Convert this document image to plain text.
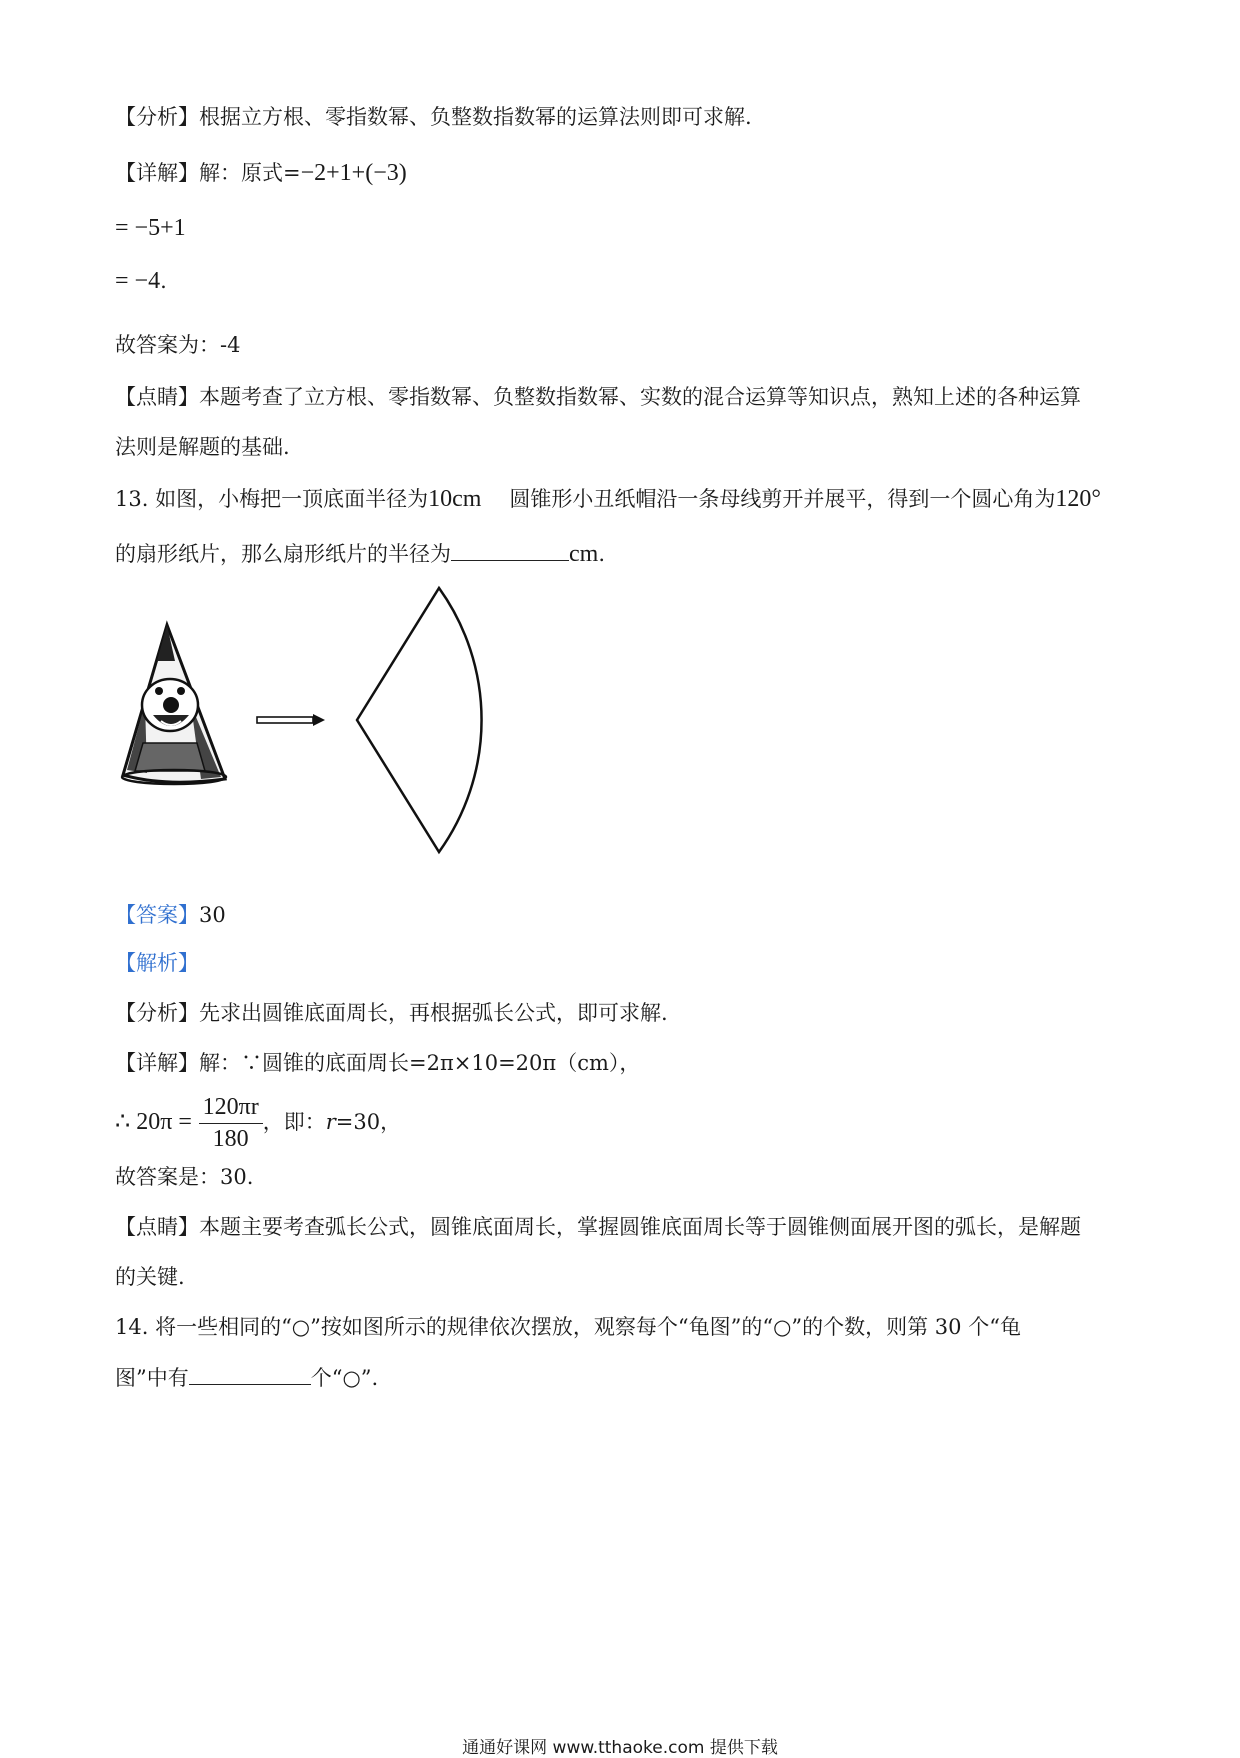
【分析】根据立方根、零指数幂、负整数指数幂的运算法则即可求解.
【详解】解：原式=−2+1+(−3)
= −5+1
= −4.
故答案为：-4
【点睛】本题考查了立方根、零指数幂、负整数指数幂、实数的混合运算等知识点，熟知上述的各种运算
法则是解题的基础.
13. 如图，小梅把一顶底面半径为10cm 圆锥形小丑纸帽沿一条母线剪开并展平，得到一个圆心角为120°
的扇形纸片，那么扇形纸片的半径为	cm.
【答案】30
【解析】
【分析】先求出圆锥底面周长，再根据弧长公式，即可求解.
【详解】解：∵圆锥的底面周长=2π×10=20π（cm），
∴ $20\pi = \frac{120\pi r}{180}$ ，即：r=30，
故答案是：30.
【点睛】本题主要考查弧长公式，圆锥底面周长，掌握圆锥底面周长等于圆锥侧面展开图的弧长，是解题
的关键.
14. 将一些相同的“○”按如图所示的规律依次摆放，观察每个“龟图”的“○”的个数，则第 30 个“龟
图”中有	个“○”.
通通好课网 www.tthaoke.com 提供下载
